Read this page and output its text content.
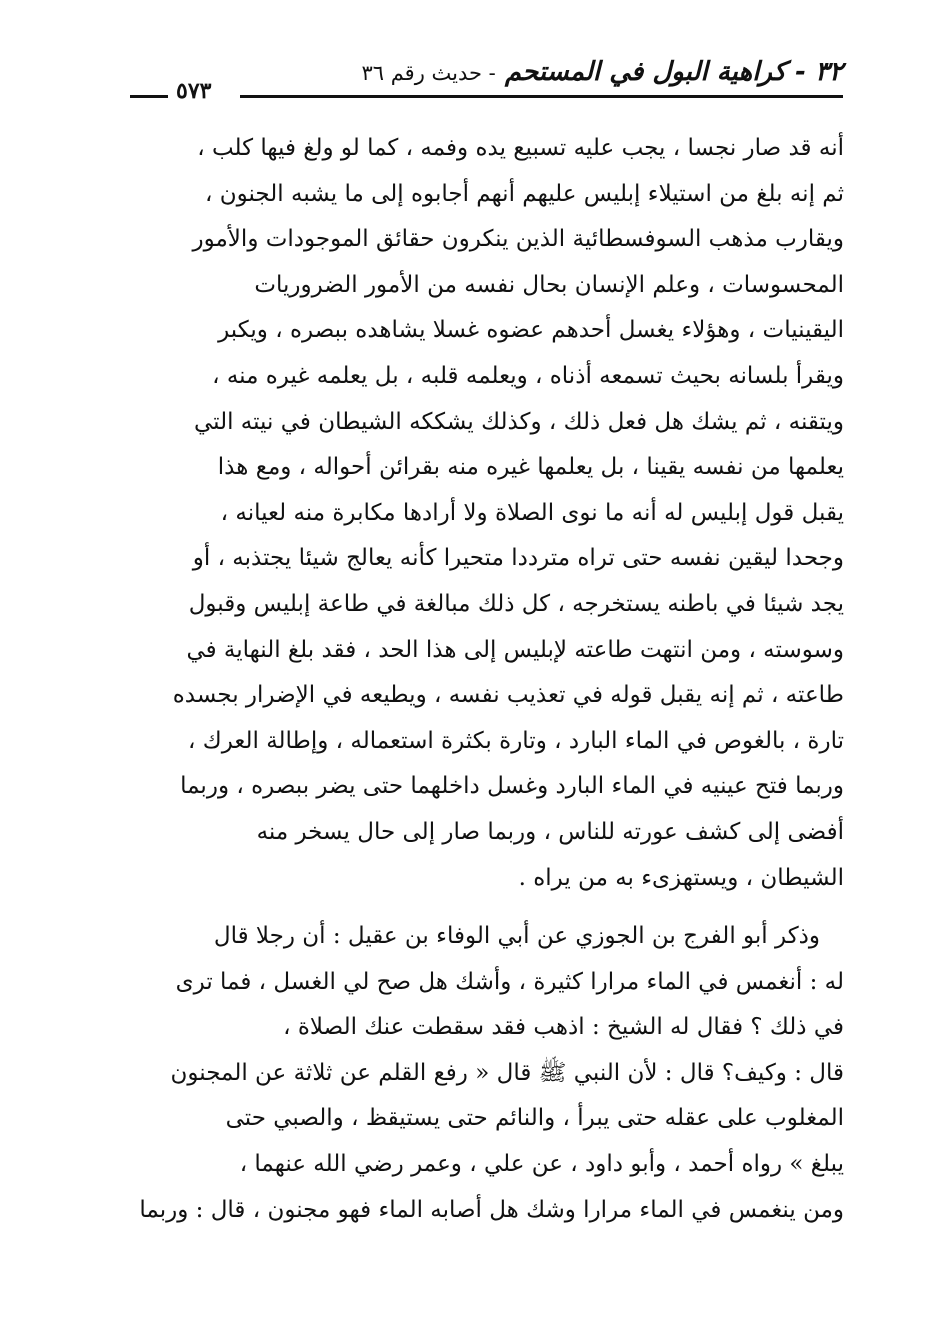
٣٢ - كراهية البول في المستحم - حديث رقم ٣٦
٥٧٣
أنه قد صار نجسا ، يجب عليه تسبيع يده وفمه ، كما لو ولغ فيها كلب ،
ثم إنه بلغ من استيلاء إبليس عليهم أنهم أجابوه إلى ما يشبه الجنون ،
ويقارب مذهب السوفسطائية الذين ينكرون حقائق الموجودات والأمور
المحسوسات ، وعلم الإنسان بحال نفسه من الأمور الضروريات
اليقينيات ، وهؤلاء يغسل أحدهم عضوه غسلا يشاهده ببصره ، ويكبر
ويقرأ بلسانه بحيث تسمعه أذناه ، ويعلمه قلبه ، بل يعلمه غيره منه ،
ويتقنه ، ثم يشك هل فعل ذلك ، وكذلك يشككه الشيطان في نيته التي
يعلمها من نفسه يقينا ، بل يعلمها غيره منه بقرائن أحواله ، ومع هذا
يقبل قول إبليس له أنه ما نوى الصلاة ولا أرادها مكابرة منه لعيانه ،
وجحدا ليقين نفسه حتى تراه مترددا متحيرا كأنه يعالج شيئا يجتذبه ، أو
يجد شيئا في باطنه يستخرجه ، كل ذلك مبالغة في طاعة إبليس وقبول
وسوسته ، ومن انتهت طاعته لإبليس إلى هذا الحد ، فقد بلغ النهاية في
طاعته ، ثم إنه يقبل قوله في تعذيب نفسه ، ويطيعه في الإضرار بجسده
تارة ، بالغوص في الماء البارد ، وتارة بكثرة استعماله ، وإطالة العرك ،
وربما فتح عينيه في الماء البارد وغسل داخلهما حتى يضر ببصره ، وربما
أفضى إلى كشف عورته للناس ، وربما صار إلى حال يسخر منه
الشيطان ، ويستهزىء به من يراه .
وذكر أبو الفرج بن الجوزي عن أبي الوفاء بن عقيل : أن رجلا قال
له : أنغمس في الماء مرارا كثيرة ، وأشك هل صح لي الغسل ، فما ترى
في ذلك ؟ فقال له الشيخ : اذهب فقد سقطت عنك الصلاة ،
قال : وكيف؟ قال : لأن النبي ﷺ قال « رفع القلم عن ثلاثة عن المجنون
المغلوب على عقله حتى يبرأ ، والنائم حتى يستيقظ ، والصبي حتى
يبلغ » رواه أحمد ، وأبو داود ، عن علي ، وعمر رضي الله عنهما ،
ومن ينغمس في الماء مرارا وشك هل أصابه الماء فهو مجنون ، قال : وربما
